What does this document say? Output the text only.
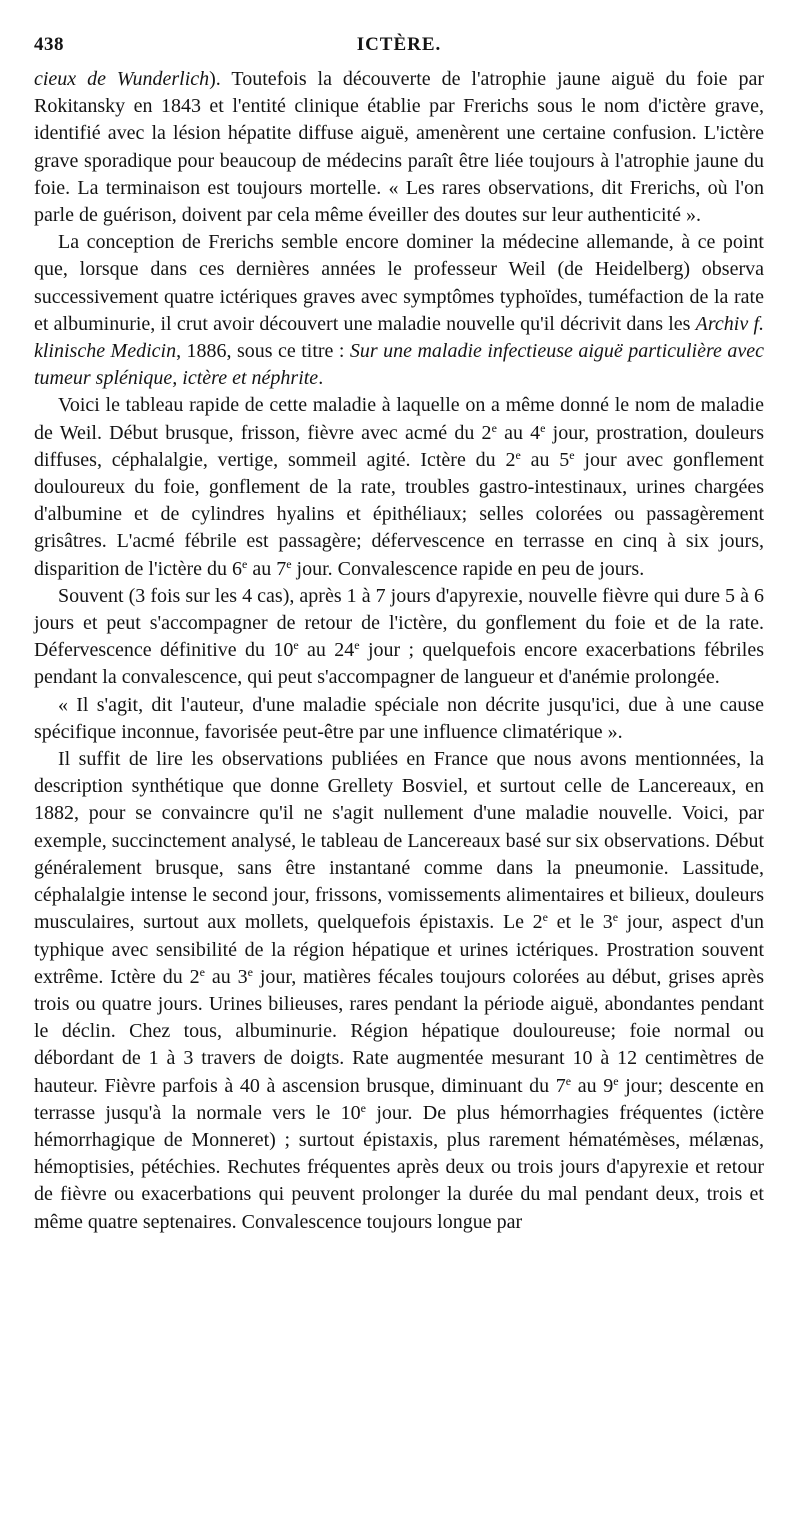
438	ICTÈRE.

cieux de Wunderlich). Toutefois la découverte de l'atrophie jaune aiguë du foie par Rokitansky en 1843 et l'entité clinique établie par Frerichs sous le nom d'ictère grave, identifié avec la lésion hépatite diffuse aiguë, amenèrent une certaine confusion. L'ictère grave sporadique pour beaucoup de médecins paraît être liée toujours à l'atrophie jaune du foie. La terminaison est toujours mortelle. « Les rares observations, dit Frerichs, où l'on parle de guérison, doivent par cela même éveiller des doutes sur leur authenticité ».

La conception de Frerichs semble encore dominer la médecine allemande, à ce point que, lorsque dans ces dernières années le professeur Weil (de Heidelberg) observa successivement quatre ictériques graves avec symptômes typhoïdes, tuméfaction de la rate et albuminurie, il crut avoir découvert une maladie nouvelle qu'il décrivit dans les Archiv f. klinische Medicin, 1886, sous ce titre : Sur une maladie infectieuse aiguë particulière avec tumeur splénique, ictère et néphrite.

Voici le tableau rapide de cette maladie à laquelle on a même donné le nom de maladie de Weil. Début brusque, frisson, fièvre avec acmé du 2e au 4e jour, prostration, douleurs diffuses, céphalalgie, vertige, sommeil agité. Ictère du 2e au 5e jour avec gonflement douloureux du foie, gonflement de la rate, troubles gastro-intestinaux, urines chargées d'albumine et de cylindres hyalins et épithéliaux; selles colorées ou passagèrement grisâtres. L'acmé fébrile est passagère; défervescence en terrasse en cinq à six jours, disparition de l'ictère du 6e au 7e jour. Convalescence rapide en peu de jours.

Souvent (3 fois sur les 4 cas), après 1 à 7 jours d'apyrexie, nouvelle fièvre qui dure 5 à 6 jours et peut s'accompagner de retour de l'ictère, du gonflement du foie et de la rate. Défervescence définitive du 10e au 24e jour ; quelquefois encore exacerbations fébriles pendant la convalescence, qui peut s'accompagner de langueur et d'anémie prolongée.

« Il s'agit, dit l'auteur, d'une maladie spéciale non décrite jusqu'ici, due à une cause spécifique inconnue, favorisée peut-être par une influence climatérique ».

Il suffit de lire les observations publiées en France que nous avons mentionnées, la description synthétique que donne Grellety Bosviel, et surtout celle de Lancereaux, en 1882, pour se convaincre qu'il ne s'agit nullement d'une maladie nouvelle. Voici, par exemple, succinctement analysé, le tableau de Lancereaux basé sur six observations. Début généralement brusque, sans être instantané comme dans la pneumonie. Lassitude, céphalalgie intense le second jour, frissons, vomissements alimentaires et bilieux, douleurs musculaires, surtout aux mollets, quelquefois épistaxis. Le 2e et le 3e jour, aspect d'un typhique avec sensibilité de la région hépatique et urines ictériques. Prostration souvent extrême. Ictère du 2e au 3e jour, matières fécales toujours colorées au début, grises après trois ou quatre jours. Urines bilieuses, rares pendant la période aiguë, abondantes pendant le déclin. Chez tous, albuminurie. Région hépatique douloureuse; foie normal ou débordant de 1 à 3 travers de doigts. Rate augmentée mesurant 10 à 12 centimètres de hauteur. Fièvre parfois à 40 à ascension brusque, diminuant du 7e au 9e jour; descente en terrasse jusqu'à la normale vers le 10e jour. De plus hémorrhagies fréquentes (ictère hémorrhagique de Monneret) ; surtout épistaxis, plus rarement hématémèses, mélænas, hémoptisies, pétéchies. Rechutes fréquentes après deux ou trois jours d'apyrexie et retour de fièvre ou exacerbations qui peuvent prolonger la durée du mal pendant deux, trois et même quatre septenaires. Convalescence toujours longue par
